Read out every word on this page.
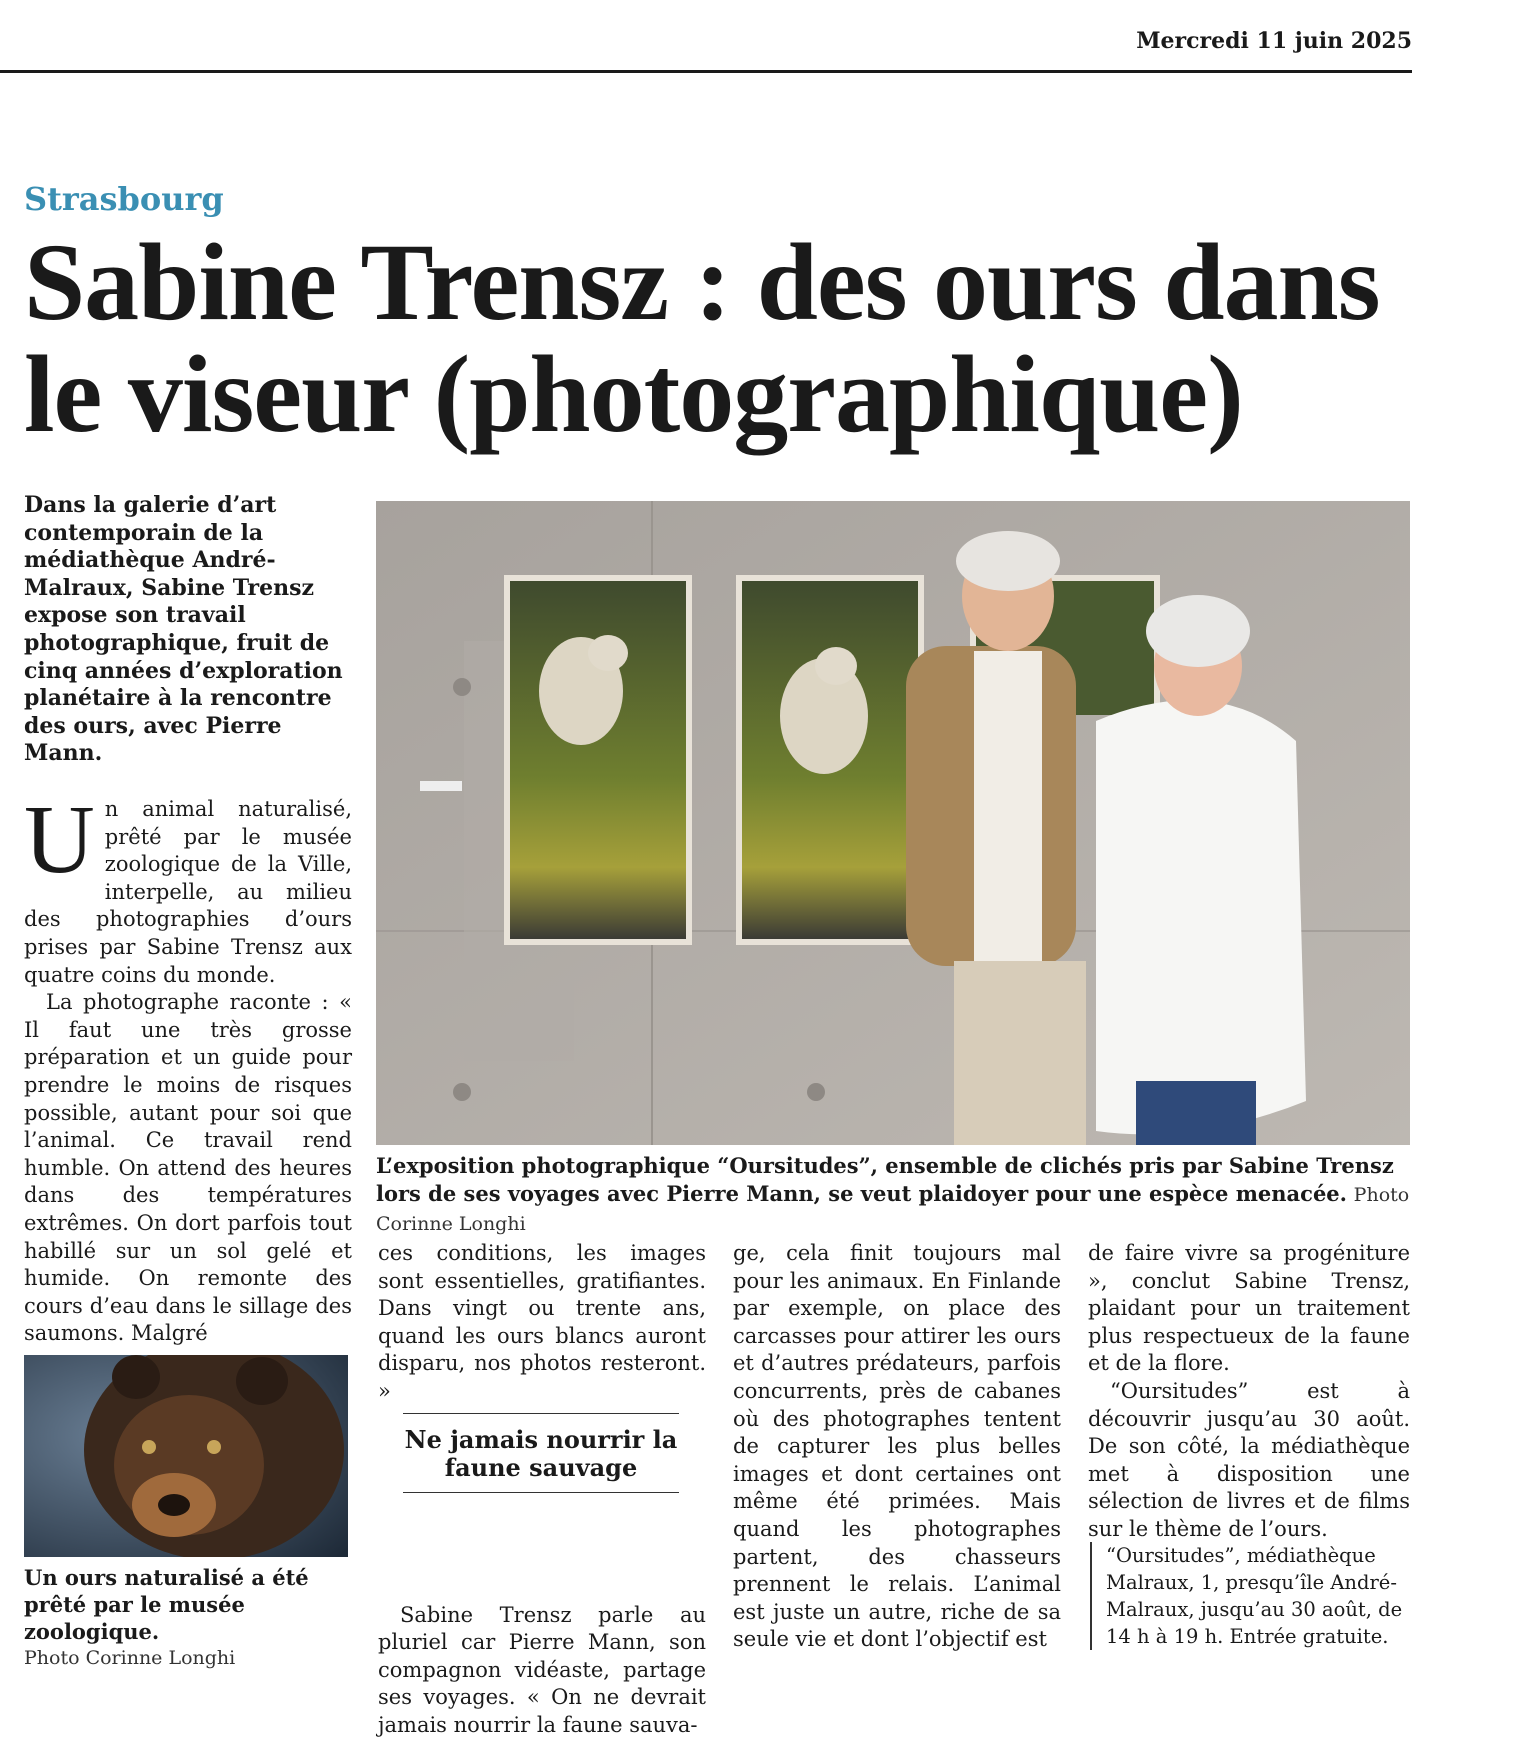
Mercredi 11 juin 2025
Strasbourg
Sabine Trensz : des ours dans le viseur (photographique)
Dans la galerie d’art contemporain de la médiathèque André-Malraux, Sabine Trensz expose son travail photographique, fruit de cinq années d’exploration planétaire à la rencontre des ours, avec Pierre Mann.

Un animal naturalisé, prêté par le musée zoologique de la Ville, interpelle, au milieu des photographies d’ours prises par Sabine Trensz aux quatre coins du monde.

La photographe raconte : « Il faut une très grosse préparation et un guide pour prendre le moins de risques possible, autant pour soi que l’animal. Ce travail rend humble. On attend des heures dans des températures extrêmes. On dort parfois tout habillé sur un sol gelé et humide. On remonte des cours d’eau dans le sillage des saumons. Malgré

L’exposition photographique “Oursitudes”, ensemble de clichés pris par Sabine Trensz lors de ses voyages avec Pierre Mann, se veut plaidoyer pour une espèce menacée. Photo Corinne Longhi
Un ours naturalisé a été prêté par le musée zoologique.
Photo Corinne Longhi

ces conditions, les images sont essentielles, gratifiantes. Dans vingt ou trente ans, quand les ours blancs auront disparu, nos photos resteront. »

Sabine Trensz parle au pluriel car Pierre Mann, son compagnon vidéaste, partage ses voyages. « On ne devrait jamais nourrir la faune sauva-

Ne jamais nourrir la faune sauvage

ge, cela finit toujours mal pour les animaux. En Finlande par exemple, on place des carcasses pour attirer les ours et d’autres prédateurs, parfois concurrents, près de cabanes où des photographes tentent de capturer les plus belles images et dont certaines ont même été primées. Mais quand les photographes partent, des chasseurs prennent le relais. L’animal est juste un autre, riche de sa seule vie et dont l’objectif est

de faire vivre sa progéniture », conclut Sabine Trensz, plaidant pour un traitement plus respectueux de la faune et de la flore.

“Oursitudes” est à découvrir jusqu’au 30 août. De son côté, la médiathèque met à disposition une sélection de livres et de films sur le thème de l’ours.

“Oursitudes”, médiathèque Malraux, 1, presqu’île André-Malraux, jusqu’au 30 août, de 14 h à 19 h. Entrée gratuite.
